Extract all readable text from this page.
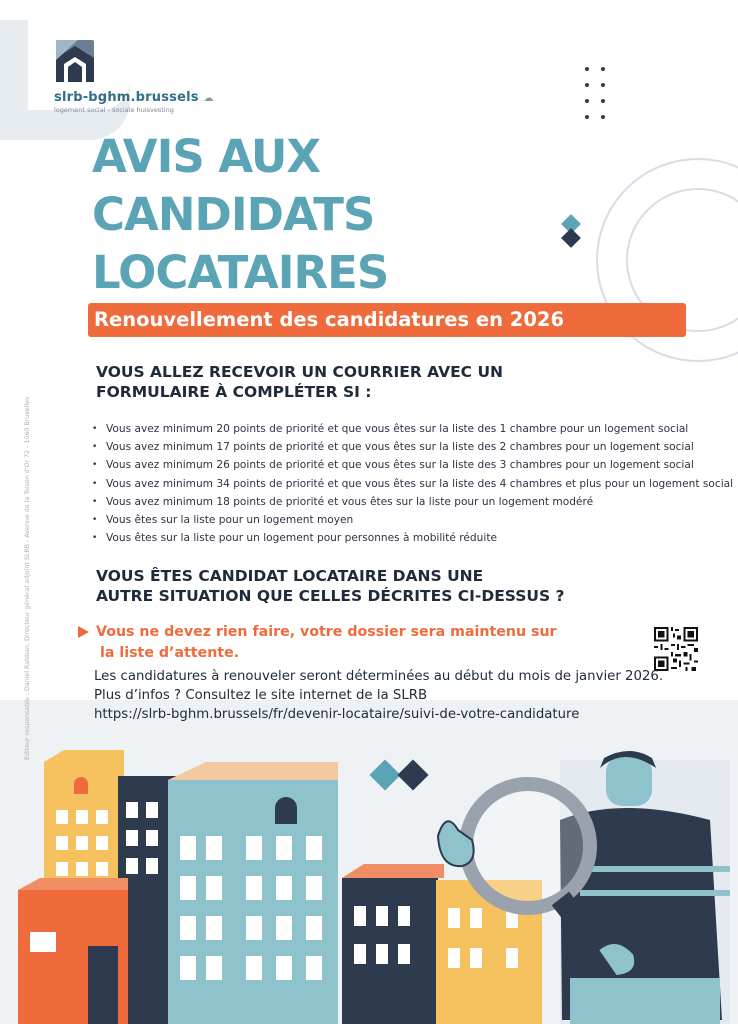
slrb-bghm.brussels ☁
logement social - sociale huisvesting
AVIS AUX
CANDIDATS
LOCATAIRES
Renouvellement des candidatures en 2026
VOUS ALLEZ RECEVOIR UN COURRIER AVEC UN
FORMULAIRE À COMPLÉTER SI :
• Vous avez minimum 20 points de priorité et que vous êtes sur la liste des 1 chambre pour un logement social
• Vous avez minimum 17 points de priorité et que vous êtes sur la liste des 2 chambres pour un logement social
• Vous avez minimum 26 points de priorité et que vous êtes sur la liste des 3 chambres pour un logement social
• Vous avez minimum 34 points de priorité et que vous êtes sur la liste des 4 chambres et plus pour un logement social
• Vous avez minimum 18 points de priorité et vous êtes sur la liste pour un logement modéré
• Vous êtes sur la liste pour un logement moyen
• Vous êtes sur la liste pour un logement pour personnes à mobilité réduite
VOUS ÊTES CANDIDAT LOCATAIRE DANS UNE
AUTRE SITUATION QUE CELLES DÉCRITES CI-DESSUS ?
Vous ne devez rien faire, votre dossier sera maintenu sur
la liste d’attente.
Les candidatures à renouveler seront déterminées au début du mois de janvier 2026.
Plus d’infos ? Consultez le site internet de la SLRB
https://slrb-bghm.brussels/fr/devenir-locataire/suivi-de-votre-candidature
Editeur responsable : Daniel Rabban, Directeur général adjoint SLRB - Avenue de la Toison d'Or 72 - 1060 Bruxelles
